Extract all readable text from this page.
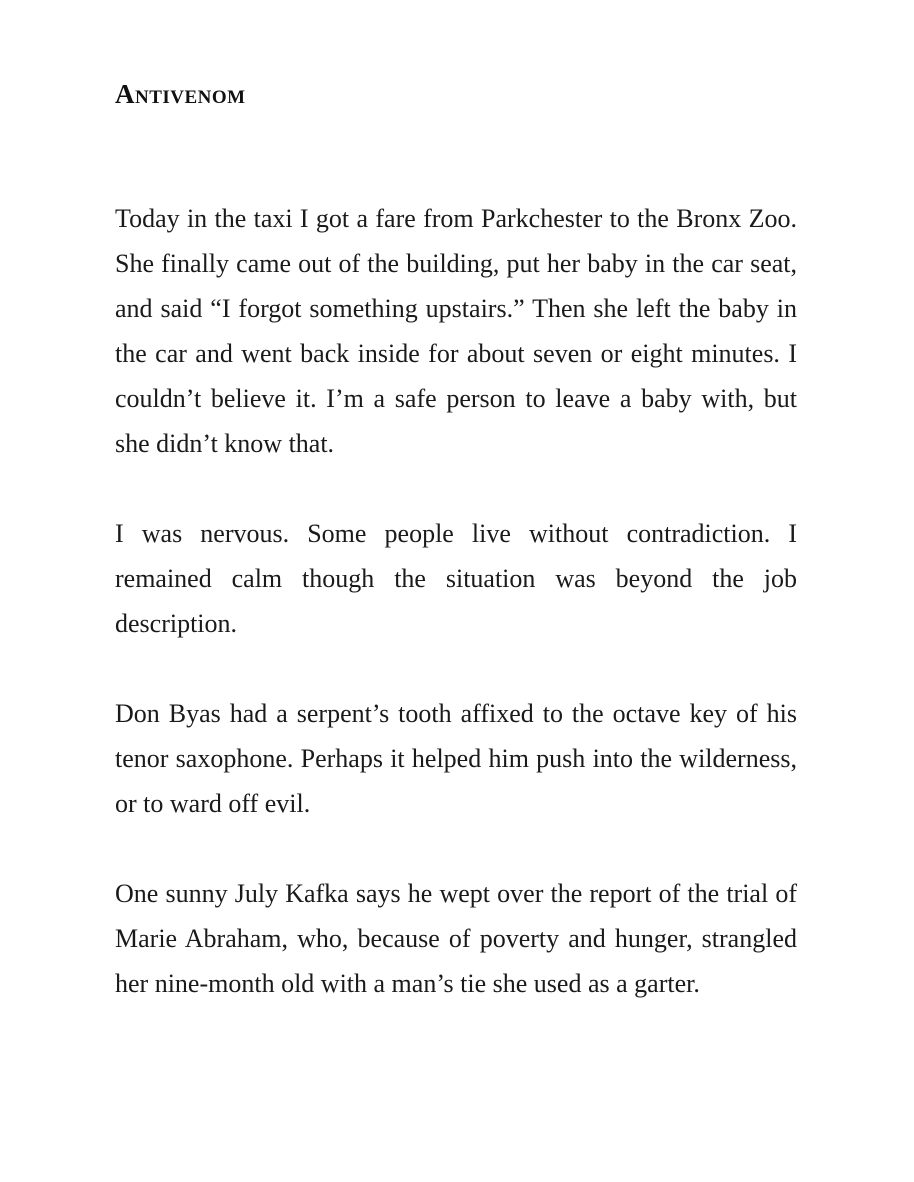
Antivenom

Today in the taxi I got a fare from Parkchester to the Bronx Zoo. She finally came out of the building, put her baby in the car seat, and said “I forgot something upstairs.” Then she left the baby in the car and went back inside for about seven or eight minutes. I couldn’t believe it. I’m a safe person to leave a baby with, but she didn’t know that.

I was nervous. Some people live without contradiction. I remained calm though the situation was beyond the job description.

Don Byas had a serpent’s tooth affixed to the octave key of his tenor saxophone. Perhaps it helped him push into the wilderness, or to ward off evil.

One sunny July Kafka says he wept over the report of the trial of Marie Abraham, who, because of poverty and hunger, strangled her nine-month old with a man’s tie she used as a garter.
